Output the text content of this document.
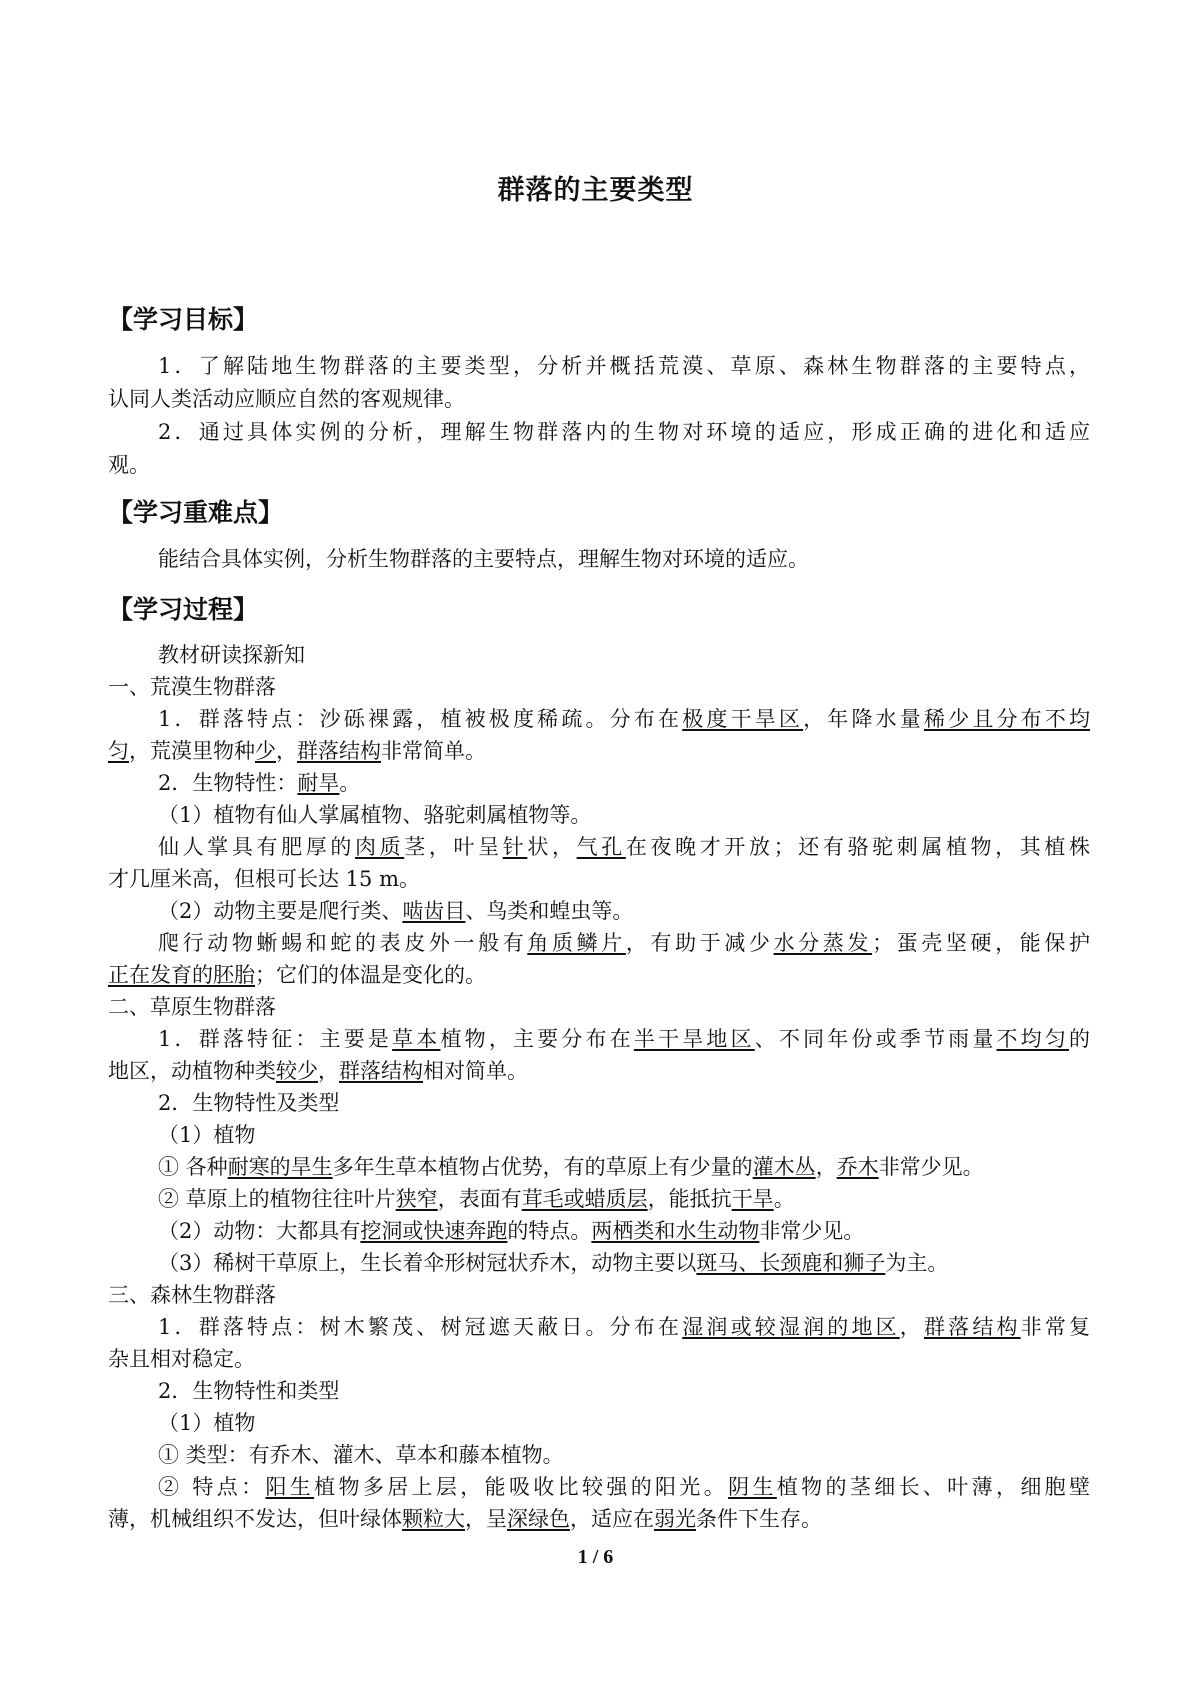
群落的主要类型
【学习目标】
1．了解陆地生物群落的主要类型，分析并概括荒漠、草原、森林生物群落的主要特点，
认同人类活动应顺应自然的客观规律。
2．通过具体实例的分析，理解生物群落内的生物对环境的适应，形成正确的进化和适应
观。
【学习重难点】
能结合具体实例，分析生物群落的主要特点，理解生物对环境的适应。
【学习过程】
教材研读探新知
一、荒漠生物群落
1．群落特点：沙砾裸露，植被极度稀疏。分布在极度干旱区，年降水量稀少且分布不均
匀，荒漠里物种少，群落结构非常简单。
2．生物特性：耐旱。
（1）植物有仙人掌属植物、骆驼刺属植物等。
仙人掌具有肥厚的肉质茎，叶呈针状，气孔在夜晚才开放；还有骆驼刺属植物，其植株
才几厘米高，但根可长达 15 m。
（2）动物主要是爬行类、啮齿目、鸟类和蝗虫等。
爬行动物蜥蜴和蛇的表皮外一般有角质鳞片，有助于减少水分蒸发；蛋壳坚硬，能保护
正在发育的胚胎；它们的体温是变化的。
二、草原生物群落
1．群落特征：主要是草本植物，主要分布在半干旱地区、不同年份或季节雨量不均匀的
地区，动植物种类较少，群落结构相对简单。
2．生物特性及类型
（1）植物
① 各种耐寒的旱生多年生草本植物占优势，有的草原上有少量的灌木丛，乔木非常少见。
② 草原上的植物往往叶片狭窄，表面有茸毛或蜡质层，能抵抗干旱。
（2）动物：大都具有挖洞或快速奔跑的特点。两栖类和水生动物非常少见。
（3）稀树干草原上，生长着伞形树冠状乔木，动物主要以斑马、长颈鹿和狮子为主。
三、森林生物群落
1．群落特点：树木繁茂、树冠遮天蔽日。分布在湿润或较湿润的地区，群落结构非常复
杂且相对稳定。
2．生物特性和类型
（1）植物
① 类型：有乔木、灌木、草本和藤本植物。
② 特点：阳生植物多居上层，能吸收比较强的阳光。阴生植物的茎细长、叶薄，细胞壁
薄，机械组织不发达，但叶绿体颗粒大，呈深绿色，适应在弱光条件下生存。
1 / 6
